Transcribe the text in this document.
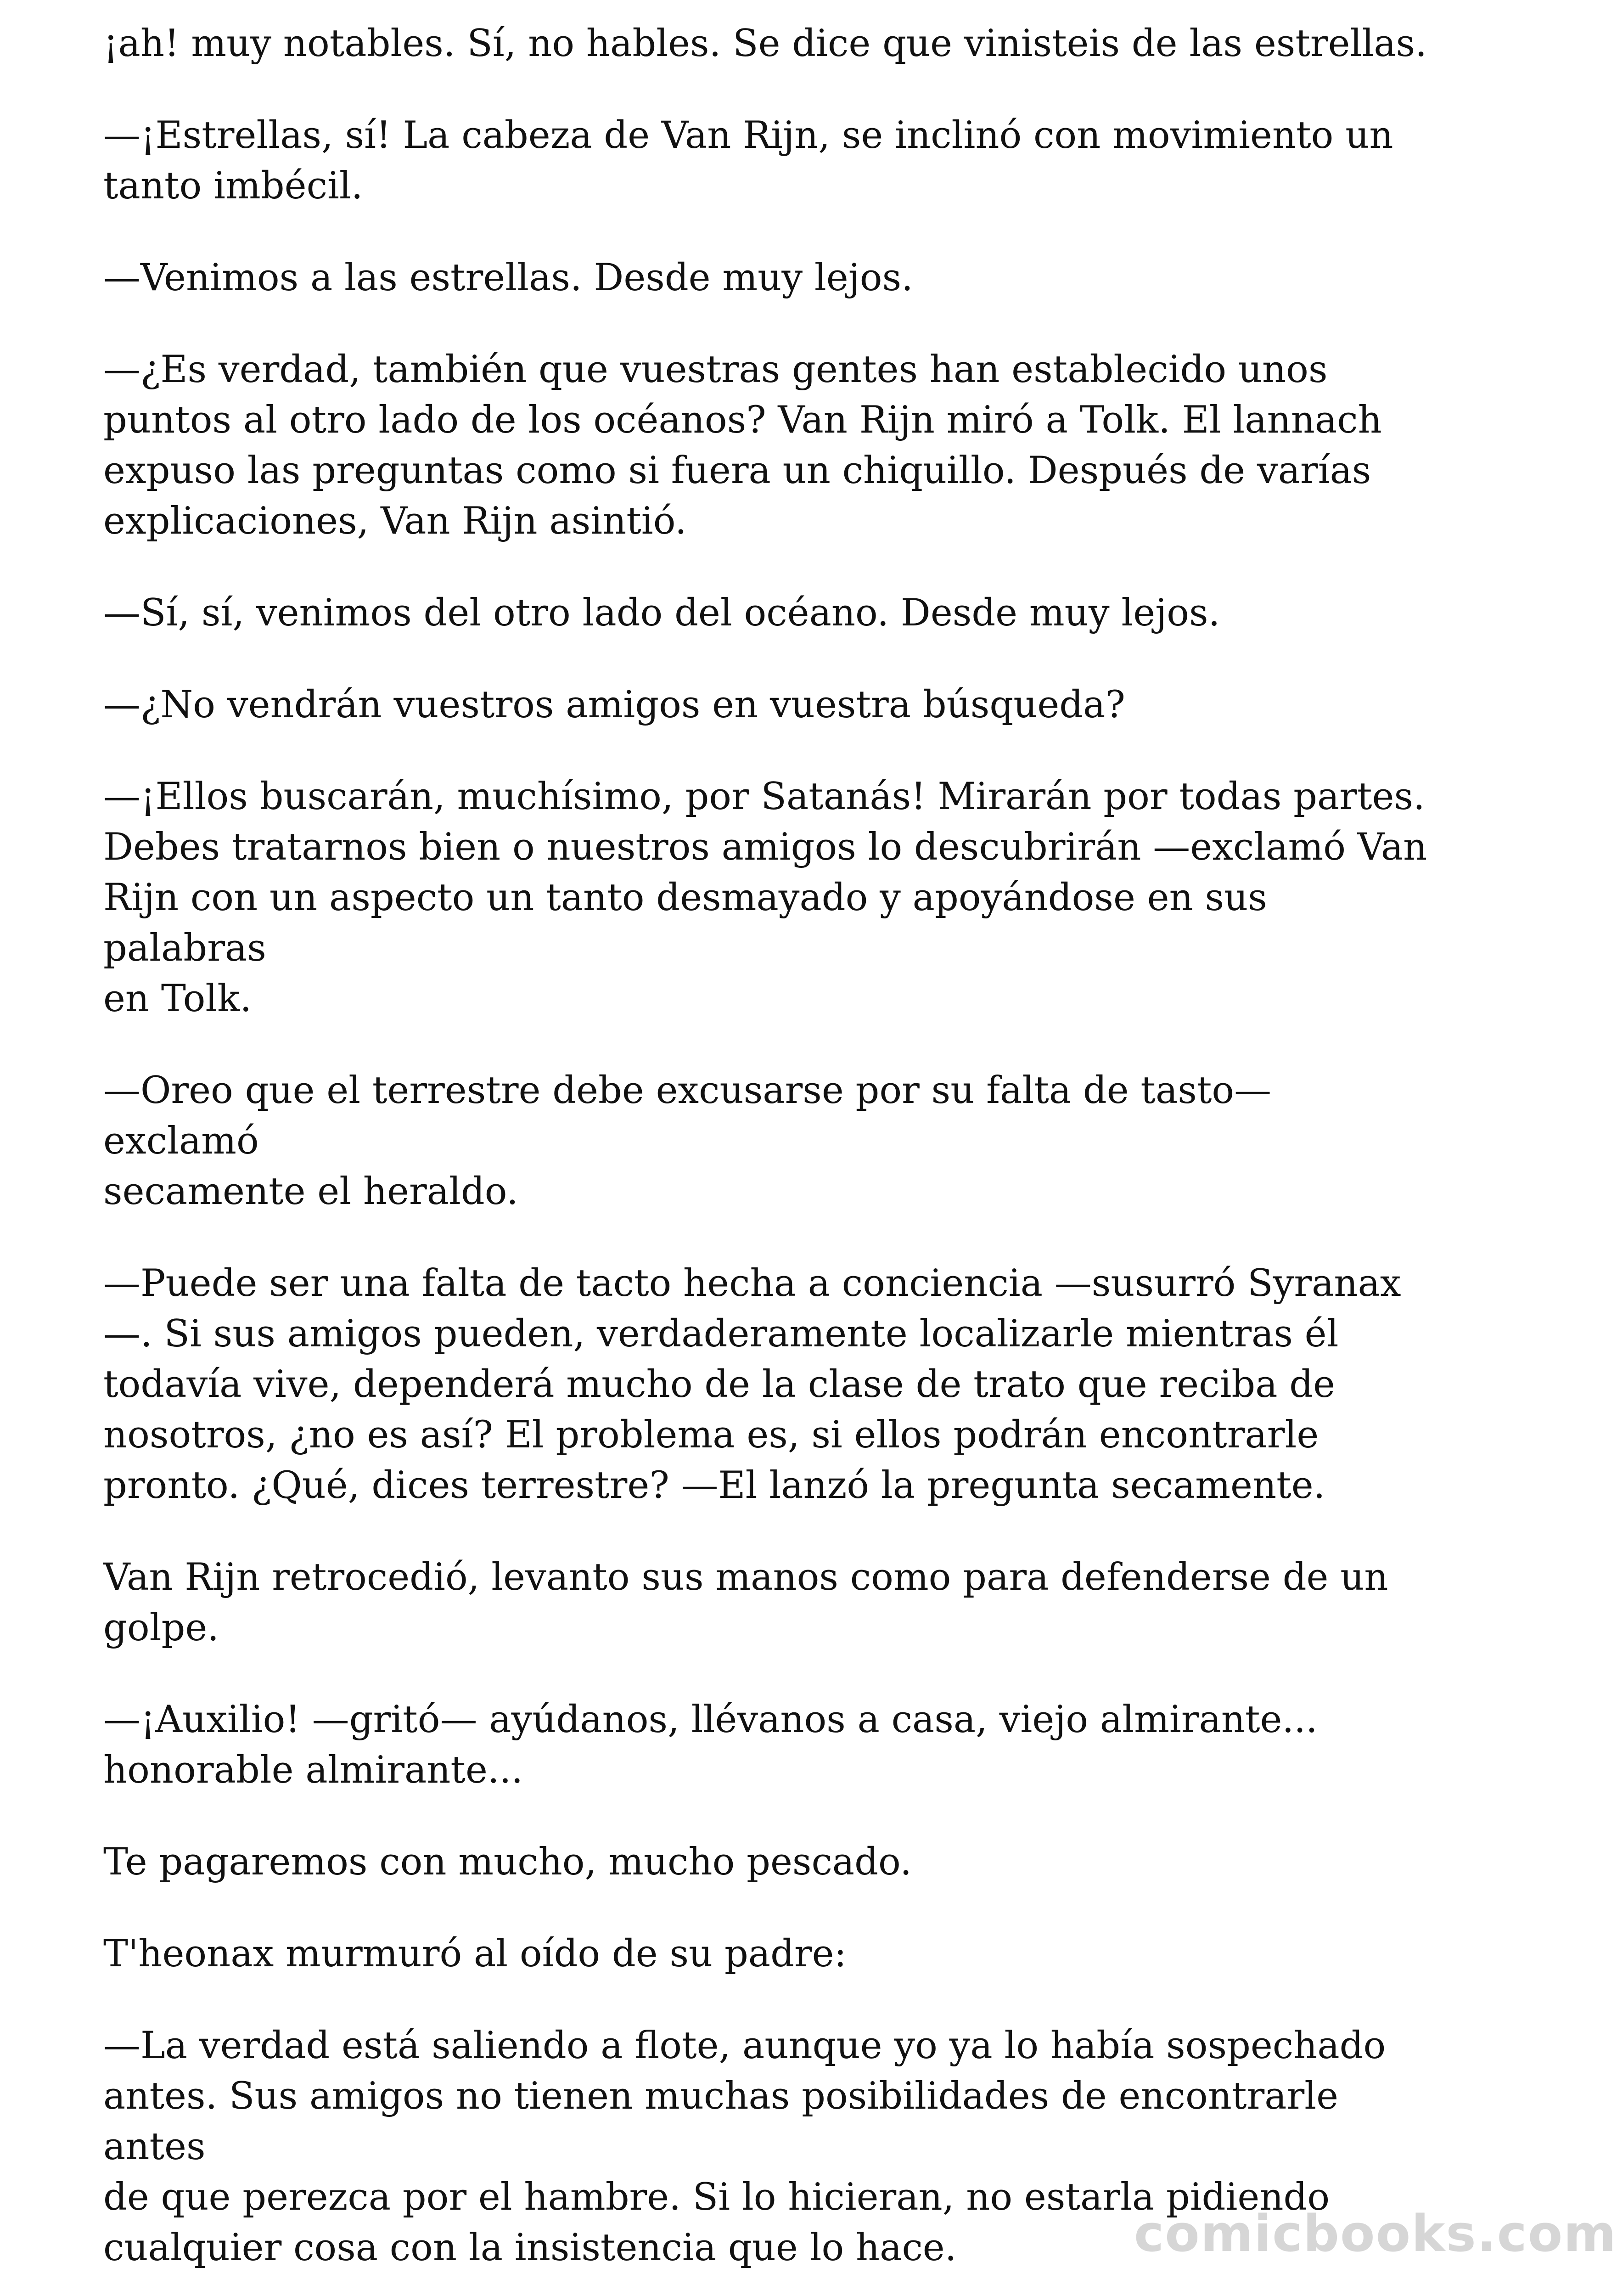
¡ah! muy notables. Sí, no hables. Se dice que vinisteis de las estrellas.

—¡Estrellas, sí! La cabeza de Van Rijn, se inclinó con movimiento un
tanto imbécil.

—Venimos a las estrellas. Desde muy lejos.

—¿Es verdad, también que vuestras gentes han establecido unos
puntos al otro lado de los océanos? Van Rijn miró a Tolk. El lannach
expuso las preguntas como si fuera un chiquillo. Después de varías
explicaciones, Van Rijn asintió.

—Sí, sí, venimos del otro lado del océano. Desde muy lejos.

—¿No vendrán vuestros amigos en vuestra búsqueda?

—¡Ellos buscarán, muchísimo, por Satanás! Mirarán por todas partes.
Debes tratarnos bien o nuestros amigos lo descubrirán —exclamó Van
Rijn con un aspecto un tanto desmayado y apoyándose en sus palabras
en Tolk.

—Oreo que el terrestre debe excusarse por su falta de tasto— exclamó
secamente el heraldo.

—Puede ser una falta de tacto hecha a conciencia —susurró Syranax
—. Si sus amigos pueden, verdaderamente localizarle mientras él
todavía vive, dependerá mucho de la clase de trato que reciba de
nosotros, ¿no es así? El problema es, si ellos podrán encontrarle
pronto. ¿Qué, dices terrestre? —El lanzó la pregunta secamente.

Van Rijn retrocedió, levanto sus manos como para defenderse de un
golpe.

—¡Auxilio! —gritó— ayúdanos, llévanos a casa, viejo almirante...
honorable almirante...

Te pagaremos con mucho, mucho pescado.

T'heonax murmuró al oído de su padre:

—La verdad está saliendo a flote, aunque yo ya lo había sospechado
antes. Sus amigos no tienen muchas posibilidades de encontrarle antes
de que perezca por el hambre. Si lo hicieran, no estarla pidiendo
cualquier cosa con la insistencia que lo hace.	comicbooks.com
